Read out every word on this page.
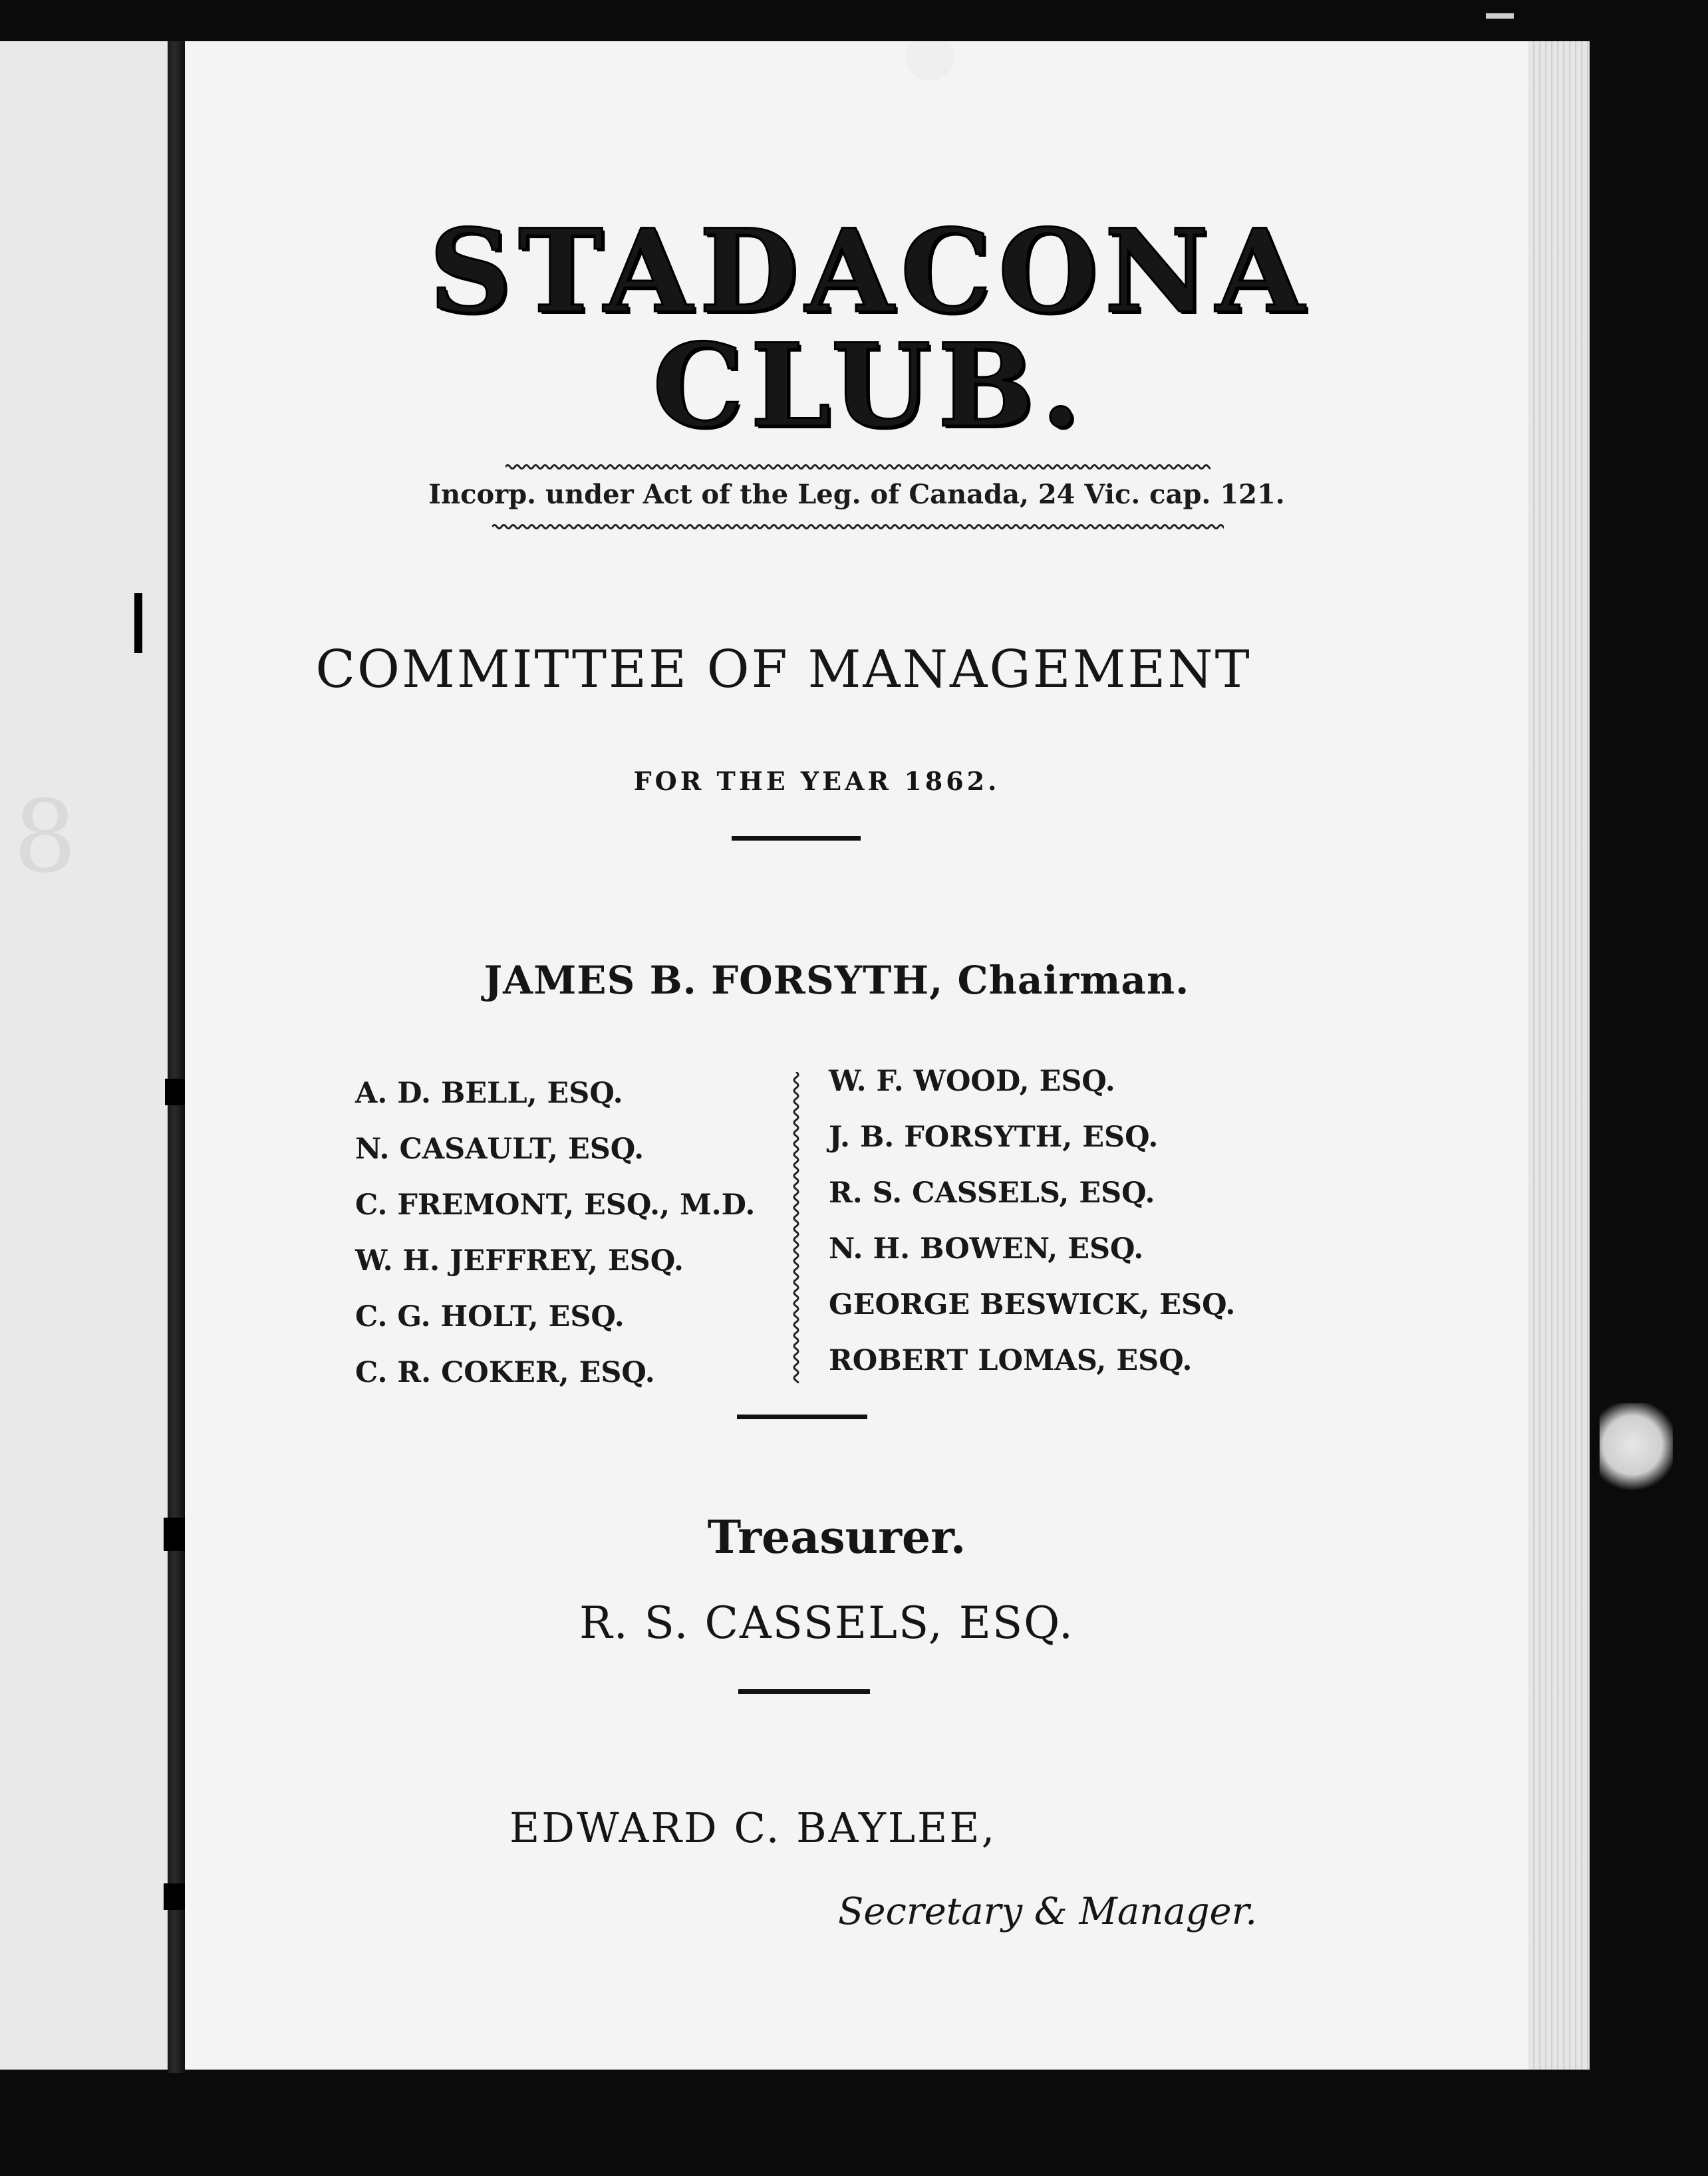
8
STADACONA CLUB.
Incorp. under Act of the Leg. of Canada, 24 Vic. cap. 121.
COMMITTEE OF MANAGEMENT
FOR THE YEAR 1862.
JAMES B. FORSYTH, Chairman.
A. D. BELL, ESQ.
N. CASAULT, ESQ.
C. FREMONT, ESQ., M.D.
W. H. JEFFREY, ESQ.
C. G. HOLT, ESQ.
C. R. COKER, ESQ.
W. F. WOOD, ESQ.
J. B. FORSYTH, ESQ.
R. S. CASSELS, ESQ.
N. H. BOWEN, ESQ.
GEORGE BESWICK, ESQ.
ROBERT LOMAS, ESQ.
Treasurer.
R. S. CASSELS, ESQ.
EDWARD C. BAYLEE,
Secretary & Manager.
